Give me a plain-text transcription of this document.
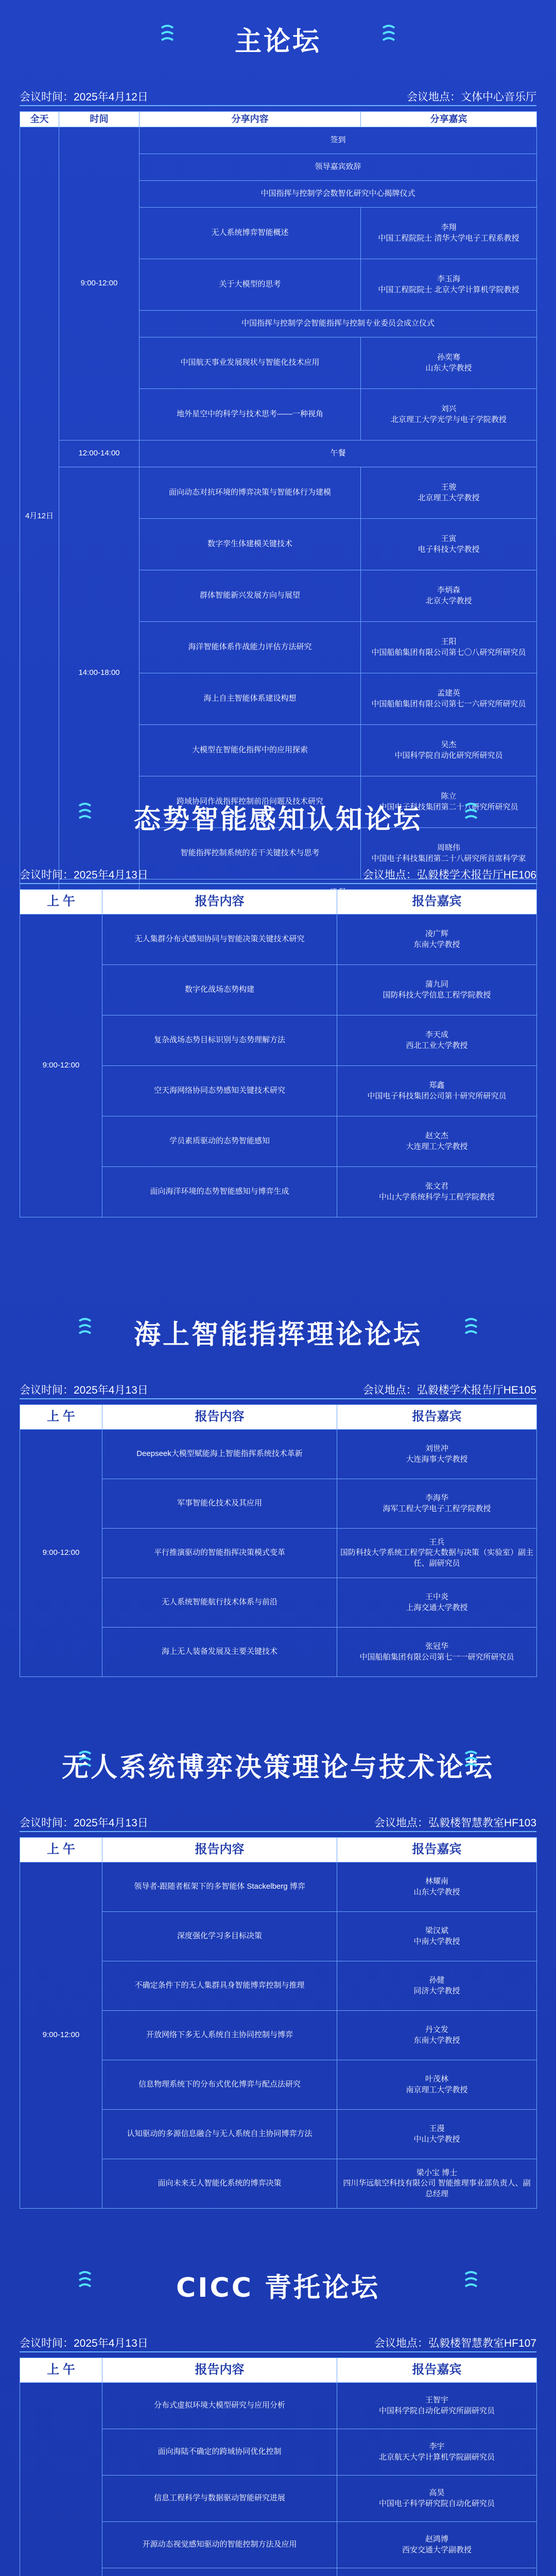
主论坛
会议时间：2025年4月12日	会议地点：文体中心音乐厅
全天	时间	分享内容	分享嘉宾
4月12日	9:00-12:00	签到	
		领导嘉宾致辞	
		中国指挥与控制学会数智化研究中心揭牌仪式	
		无人系统博弈智能概述	李翔
中国工程院院士 清华大学电子工程系教授

		关于大模型的思考	李玉海
中国工程院院士 北京大学计算机学院教授

		中国指挥与控制学会智能指挥与控制专业委员会成立仪式	
		中国航天事业发展现状与智能化技术应用	孙奕骞
山东大学教授

		地外星空中的科学与技术思考——一种视角	刘兴
北京理工大学光学与电子学院教授

	12:00-14:00	午餐	
	14:00-18:00	面向动态对抗环境的博弈决策与智能体行为建模	王骏
北京理工大学教授

		数字孪生体建模关键技术	王寅
电子科技大学教授

		群体智能新兴发展方向与展望	李炳森
北京大学教授

		海洋智能体系作战能力评估方法研究	王阳
中国船舶集团有限公司第七〇八研究所研究员

		海上自主智能体系建设构想	孟建英
中国船舶集团有限公司第七一六研究所研究员

		大模型在智能化指挥中的应用探索	吴杰
中国科学院自动化研究所研究员

		跨域协同作战指挥控制前沿问题及技术研究	陈立
中国电子科技集团第二十八研究所研究员

		智能指挥控制系统的若干关键技术与思考	周晓伟
中国电子科技集团第二十八研究所首席科学家

态势智能感知认知论坛
会议时间：2025年4月13日	会议地点：弘毅楼学术报告厅HE106
上 午	报告内容	报告嘉宾
9:00-12:00	无人集群分布式感知协同与智能决策关键技术研究	凌广辉
东南大学教授

	数字化战场态势构建	蒲九同
国防科技大学信息工程学院教授

	复杂战场态势目标识别与态势理解方法	李天成
西北工业大学教授

	空天海网络协同态势感知关键技术研究	郑鑫
中国电子科技集团公司第十研究所研究员

	学员素质驱动的态势智能感知	赵文杰
大连理工大学教授

	面向海洋环境的态势智能感知与博弈生成	张文君
中山大学系统科学与工程学院教授
海上智能指挥理论论坛
会议时间：2025年4月13日	会议地点：弘毅楼学术报告厅HE105
上 午	报告内容	报告嘉宾
9:00-12:00	Deepseek大模型赋能海上智能指挥系统技术革新	刘世冲
大连海事大学教授

	军事智能化技术及其应用	李海华
海军工程大学电子工程学院教授

	平行推演驱动的智能指挥决策模式变革	王兵
国防科技大学系统工程学院大数据与决策（实验室）副主任、副研究员

	无人系统智能航行技术体系与前沿	王中炎
上海交通大学教授

	海上无人装备发展及主要关键技术	张冠华
中国船舶集团有限公司第七一一研究所研究员
无人系统博弈决策理论与技术论坛
会议时间：2025年4月13日	会议地点：弘毅楼智慧教室HF103
上 午	报告内容	报告嘉宾
9:00-12:00	领导者-跟随者框架下的多智能体 Stackelberg 博弈	林耀南
山东大学教授

	深度强化学习多目标决策	梁汉斌
中南大学教授

	不确定条件下的无人集群具身智能博弈控制与推理	孙健
同济大学教授

	开放网络下多无人系统自主协同控制与博弈	丹文发
东南大学教授

	信息物理系统下的分布式优化博弈与配点法研究	叶茂林
南京理工大学教授

	认知驱动的多源信息融合与无人系统自主协同博弈方法	王漫
中山大学教授

	面向未来无人智能化系统的博弈决策	梁小宝 博士
四川华远航空科技有限公司 智能推理事业部负责人、副总经理
CICC 青托论坛
会议时间：2025年4月13日	会议地点：弘毅楼智慧教室HF107
上 午	报告内容	报告嘉宾
	分布式虚拟环境大模型研究与应用分析	王智宇
中国科学院自动化研究所副研究员

	面向海陆不确定的跨域协同优化控制	李宇
北京航天大学计算机学院副研究员

	信息工程科学与数据驱动智能研究进展	高昊
中国电子科学研究院自动化研究员

	开源动态视觉感知驱动的智能控制方法及应用	赵鸿博
西安交通大学副教授
